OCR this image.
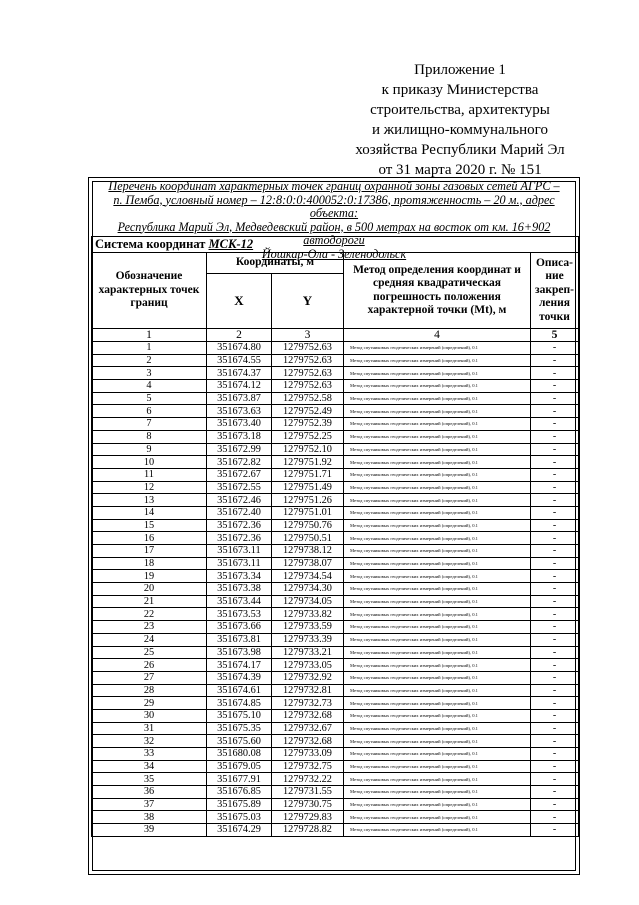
Приложение 1
к приказу Министерства
строительства, архитектуры
и жилищно-коммунального
хозяйства Республики Марий Эл
от 31 марта 2020 г. № 151
Перечень координат характерных точек границ охранной зоны газовых сетей АГРС –
п. Пемба, условный номер – 12:8:0:0:400052:0:17386, протяженность – 20 м., адрес объекта:
Республика Марий Эл, Медведевский район, в 500 метрах на восток от км. 16+902 автодороги
Йошкар-Ола - Зеленодольск
Система координат МСК-12				
Обозначение характерных точек границ	Координаты, м		Метод определения координат и средняя квадратическая погрешность положения характерной точки (Mt), м	Описа-ние закреп-ления точки
	X	Y		
1	2	3	4	5
1	351674.80	1279752.63	Метод спутниковых геодезических измерений (определений), 0.1	-
2	351674.55	1279752.63	Метод спутниковых геодезических измерений (определений), 0.1	-
3	351674.37	1279752.63	Метод спутниковых геодезических измерений (определений), 0.1	-
4	351674.12	1279752.63	Метод спутниковых геодезических измерений (определений), 0.1	-
5	351673.87	1279752.58	Метод спутниковых геодезических измерений (определений), 0.1	-
6	351673.63	1279752.49	Метод спутниковых геодезических измерений (определений), 0.1	-
7	351673.40	1279752.39	Метод спутниковых геодезических измерений (определений), 0.1	-
8	351673.18	1279752.25	Метод спутниковых геодезических измерений (определений), 0.1	-
9	351672.99	1279752.10	Метод спутниковых геодезических измерений (определений), 0.1	-
10	351672.82	1279751.92	Метод спутниковых геодезических измерений (определений), 0.1	-
11	351672.67	1279751.71	Метод спутниковых геодезических измерений (определений), 0.1	-
12	351672.55	1279751.49	Метод спутниковых геодезических измерений (определений), 0.1	-
13	351672.46	1279751.26	Метод спутниковых геодезических измерений (определений), 0.1	-
14	351672.40	1279751.01	Метод спутниковых геодезических измерений (определений), 0.1	-
15	351672.36	1279750.76	Метод спутниковых геодезических измерений (определений), 0.1	-
16	351672.36	1279750.51	Метод спутниковых геодезических измерений (определений), 0.1	-
17	351673.11	1279738.12	Метод спутниковых геодезических измерений (определений), 0.1	-
18	351673.11	1279738.07	Метод спутниковых геодезических измерений (определений), 0.1	-
19	351673.34	1279734.54	Метод спутниковых геодезических измерений (определений), 0.1	-
20	351673.38	1279734.30	Метод спутниковых геодезических измерений (определений), 0.1	-
21	351673.44	1279734.05	Метод спутниковых геодезических измерений (определений), 0.1	-
22	351673.53	1279733.82	Метод спутниковых геодезических измерений (определений), 0.1	-
23	351673.66	1279733.59	Метод спутниковых геодезических измерений (определений), 0.1	-
24	351673.81	1279733.39	Метод спутниковых геодезических измерений (определений), 0.1	-
25	351673.98	1279733.21	Метод спутниковых геодезических измерений (определений), 0.1	-
26	351674.17	1279733.05	Метод спутниковых геодезических измерений (определений), 0.1	-
27	351674.39	1279732.92	Метод спутниковых геодезических измерений (определений), 0.1	-
28	351674.61	1279732.81	Метод спутниковых геодезических измерений (определений), 0.1	-
29	351674.85	1279732.73	Метод спутниковых геодезических измерений (определений), 0.1	-
30	351675.10	1279732.68	Метод спутниковых геодезических измерений (определений), 0.1	-
31	351675.35	1279732.67	Метод спутниковых геодезических измерений (определений), 0.1	-
32	351675.60	1279732.68	Метод спутниковых геодезических измерений (определений), 0.1	-
33	351680.08	1279733.09	Метод спутниковых геодезических измерений (определений), 0.1	-
34	351679.05	1279732.75	Метод спутниковых геодезических измерений (определений), 0.1	-
35	351677.91	1279732.22	Метод спутниковых геодезических измерений (определений), 0.1	-
36	351676.85	1279731.55	Метод спутниковых геодезических измерений (определений), 0.1	-
37	351675.89	1279730.75	Метод спутниковых геодезических измерений (определений), 0.1	-
38	351675.03	1279729.83	Метод спутниковых геодезических измерений (определений), 0.1	-
39	351674.29	1279728.82	Метод спутниковых геодезических измерений (определений), 0.1	-
